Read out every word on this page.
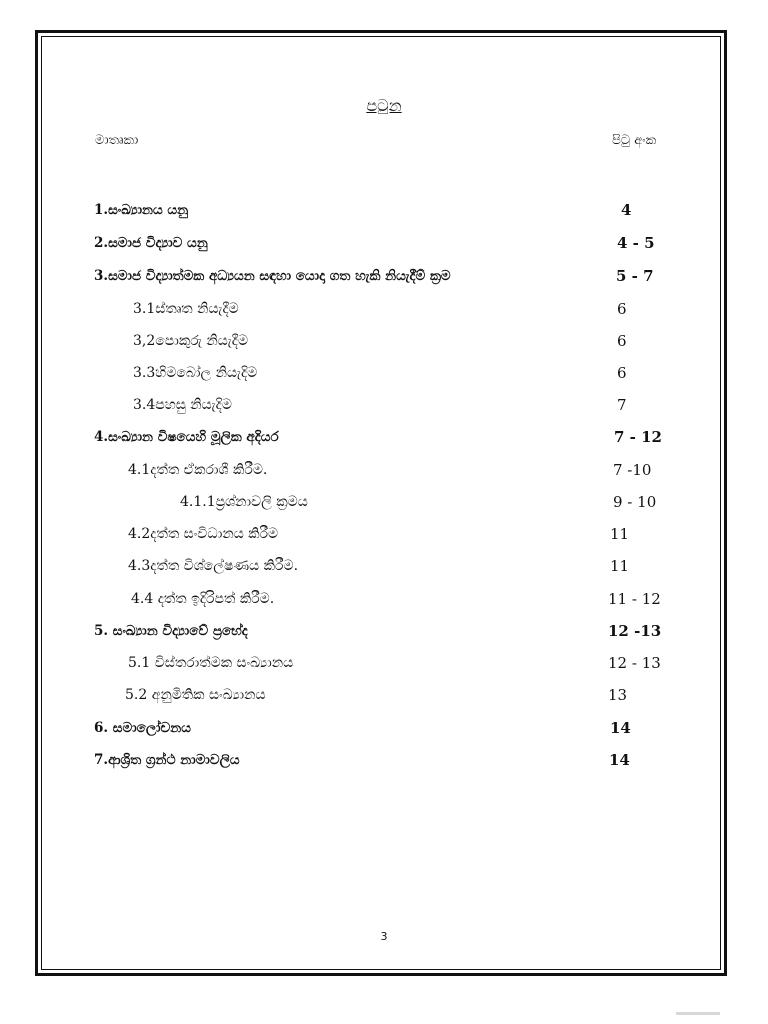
පටුන
මාතෘකා	පිටු අංක
1.සංඛ්‍යානය යනු	4
2.සමාජ විද්‍යාව යනු	4 - 5
3.සමාජ විද්‍යාත්මක අධ්‍යයන සඳහා යොදා ගත හැකි නියැදීම් ක්‍රම	5 - 7
3.1ස්තෘත නියැදීම	6
3,2පොකුරු නියැදීම	6
3.3හිමබෝල නියැදිම	6
3.4පහසු නියැදිම	7
4.සංඛ්‍යාන විෂයෙහි මූලික අදියර	7 - 12
4.1දත්ත ඒකරාශී කිරීම.	7 -10
4.1.1ප්‍රශ්නාවලි ක්‍රමය	9 - 10
4.2දත්ත සංවිධානය කිරීම	11
4.3දත්ත විශ්ලේෂණය කිරීම.	11
4.4 දත්ත ඉදිරිපත් කිරීම.	11 - 12
5. සංඛ්‍යාන විද්‍යාවේ ප්‍රභේද	12 -13
5.1 විස්තරාත්මක සංඛ්‍යානය	12 - 13
5.2 අනුමිතික සංඛ්‍යානය	13
6. සමාලෝචනය	14
7.ආශ්‍රිත ග්‍රන්ථ නාමාවලිය	14
3
